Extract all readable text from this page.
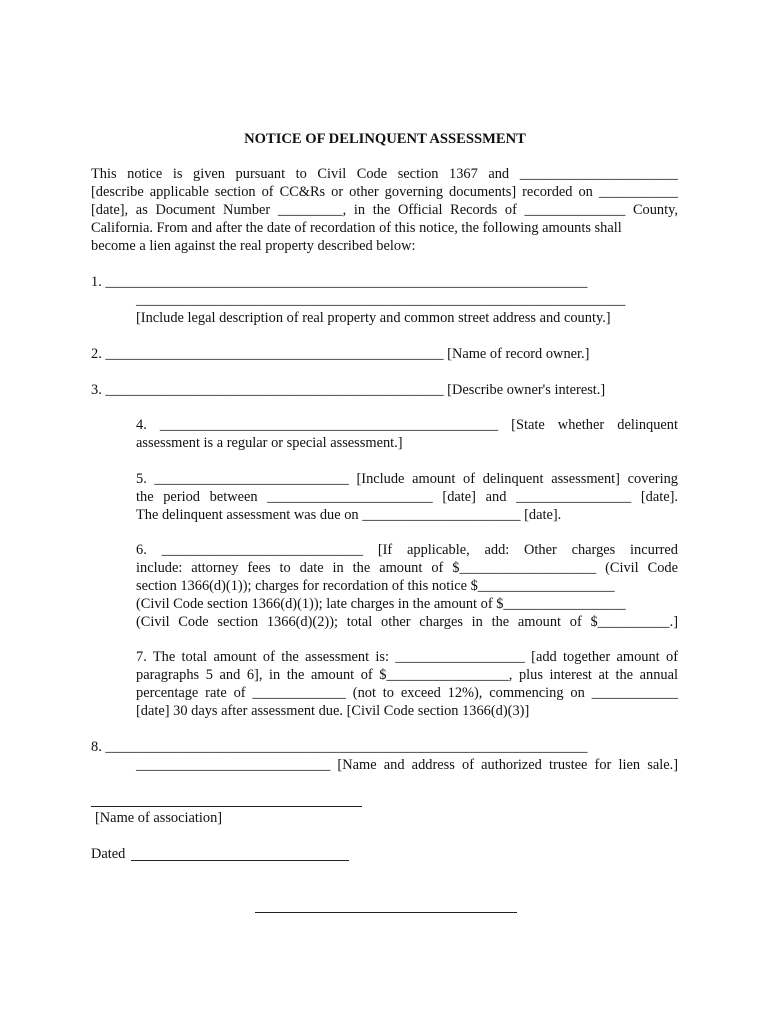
NOTICE OF DELINQUENT ASSESSMENT

This notice is given pursuant to Civil Code section 1367 and ______________________

[describe applicable section of CC&Rs or other governing documents] recorded on ___________

[date], as Document Number _________, in the Official Records of ______________ County,

California. From and after the date of recordation of this notice, the following amounts shall

become a lien against the real property described below:

1. ___________________________________________________________________

____________________________________________________________________

[Include legal description of real property and common street address and county.]

2. _______________________________________________ [Name of record owner.]

3. _______________________________________________ [Describe owner's interest.]

4. _______________________________________________ [State whether delinquent

assessment is a regular or special assessment.]

5. ___________________________ [Include amount of delinquent assessment] covering

the period between _______________________ [date] and ________________ [date].

The delinquent assessment was due on ______________________ [date].

6. ____________________________ [If applicable, add: Other charges incurred

include: attorney fees to date in the amount of $___________________ (Civil Code

section 1366(d)(1)); charges for recordation of this notice $___________________

(Civil Code section 1366(d)(1)); late charges in the amount of $_________________

(Civil Code section 1366(d)(2)); total other charges in the amount of $__________.]

7. The total amount of the assessment is: __________________ [add together amount of

paragraphs 5 and 6], in the amount of $_________________, plus interest at the annual

percentage rate of _____________ (not to exceed 12%), commencing on ____________

[date] 30 days after assessment due. [Civil Code section 1366(d)(3)]

8. ___________________________________________________________________

___________________________ [Name and address of authorized trustee for lien sale.]

[Name of association]

Dated
